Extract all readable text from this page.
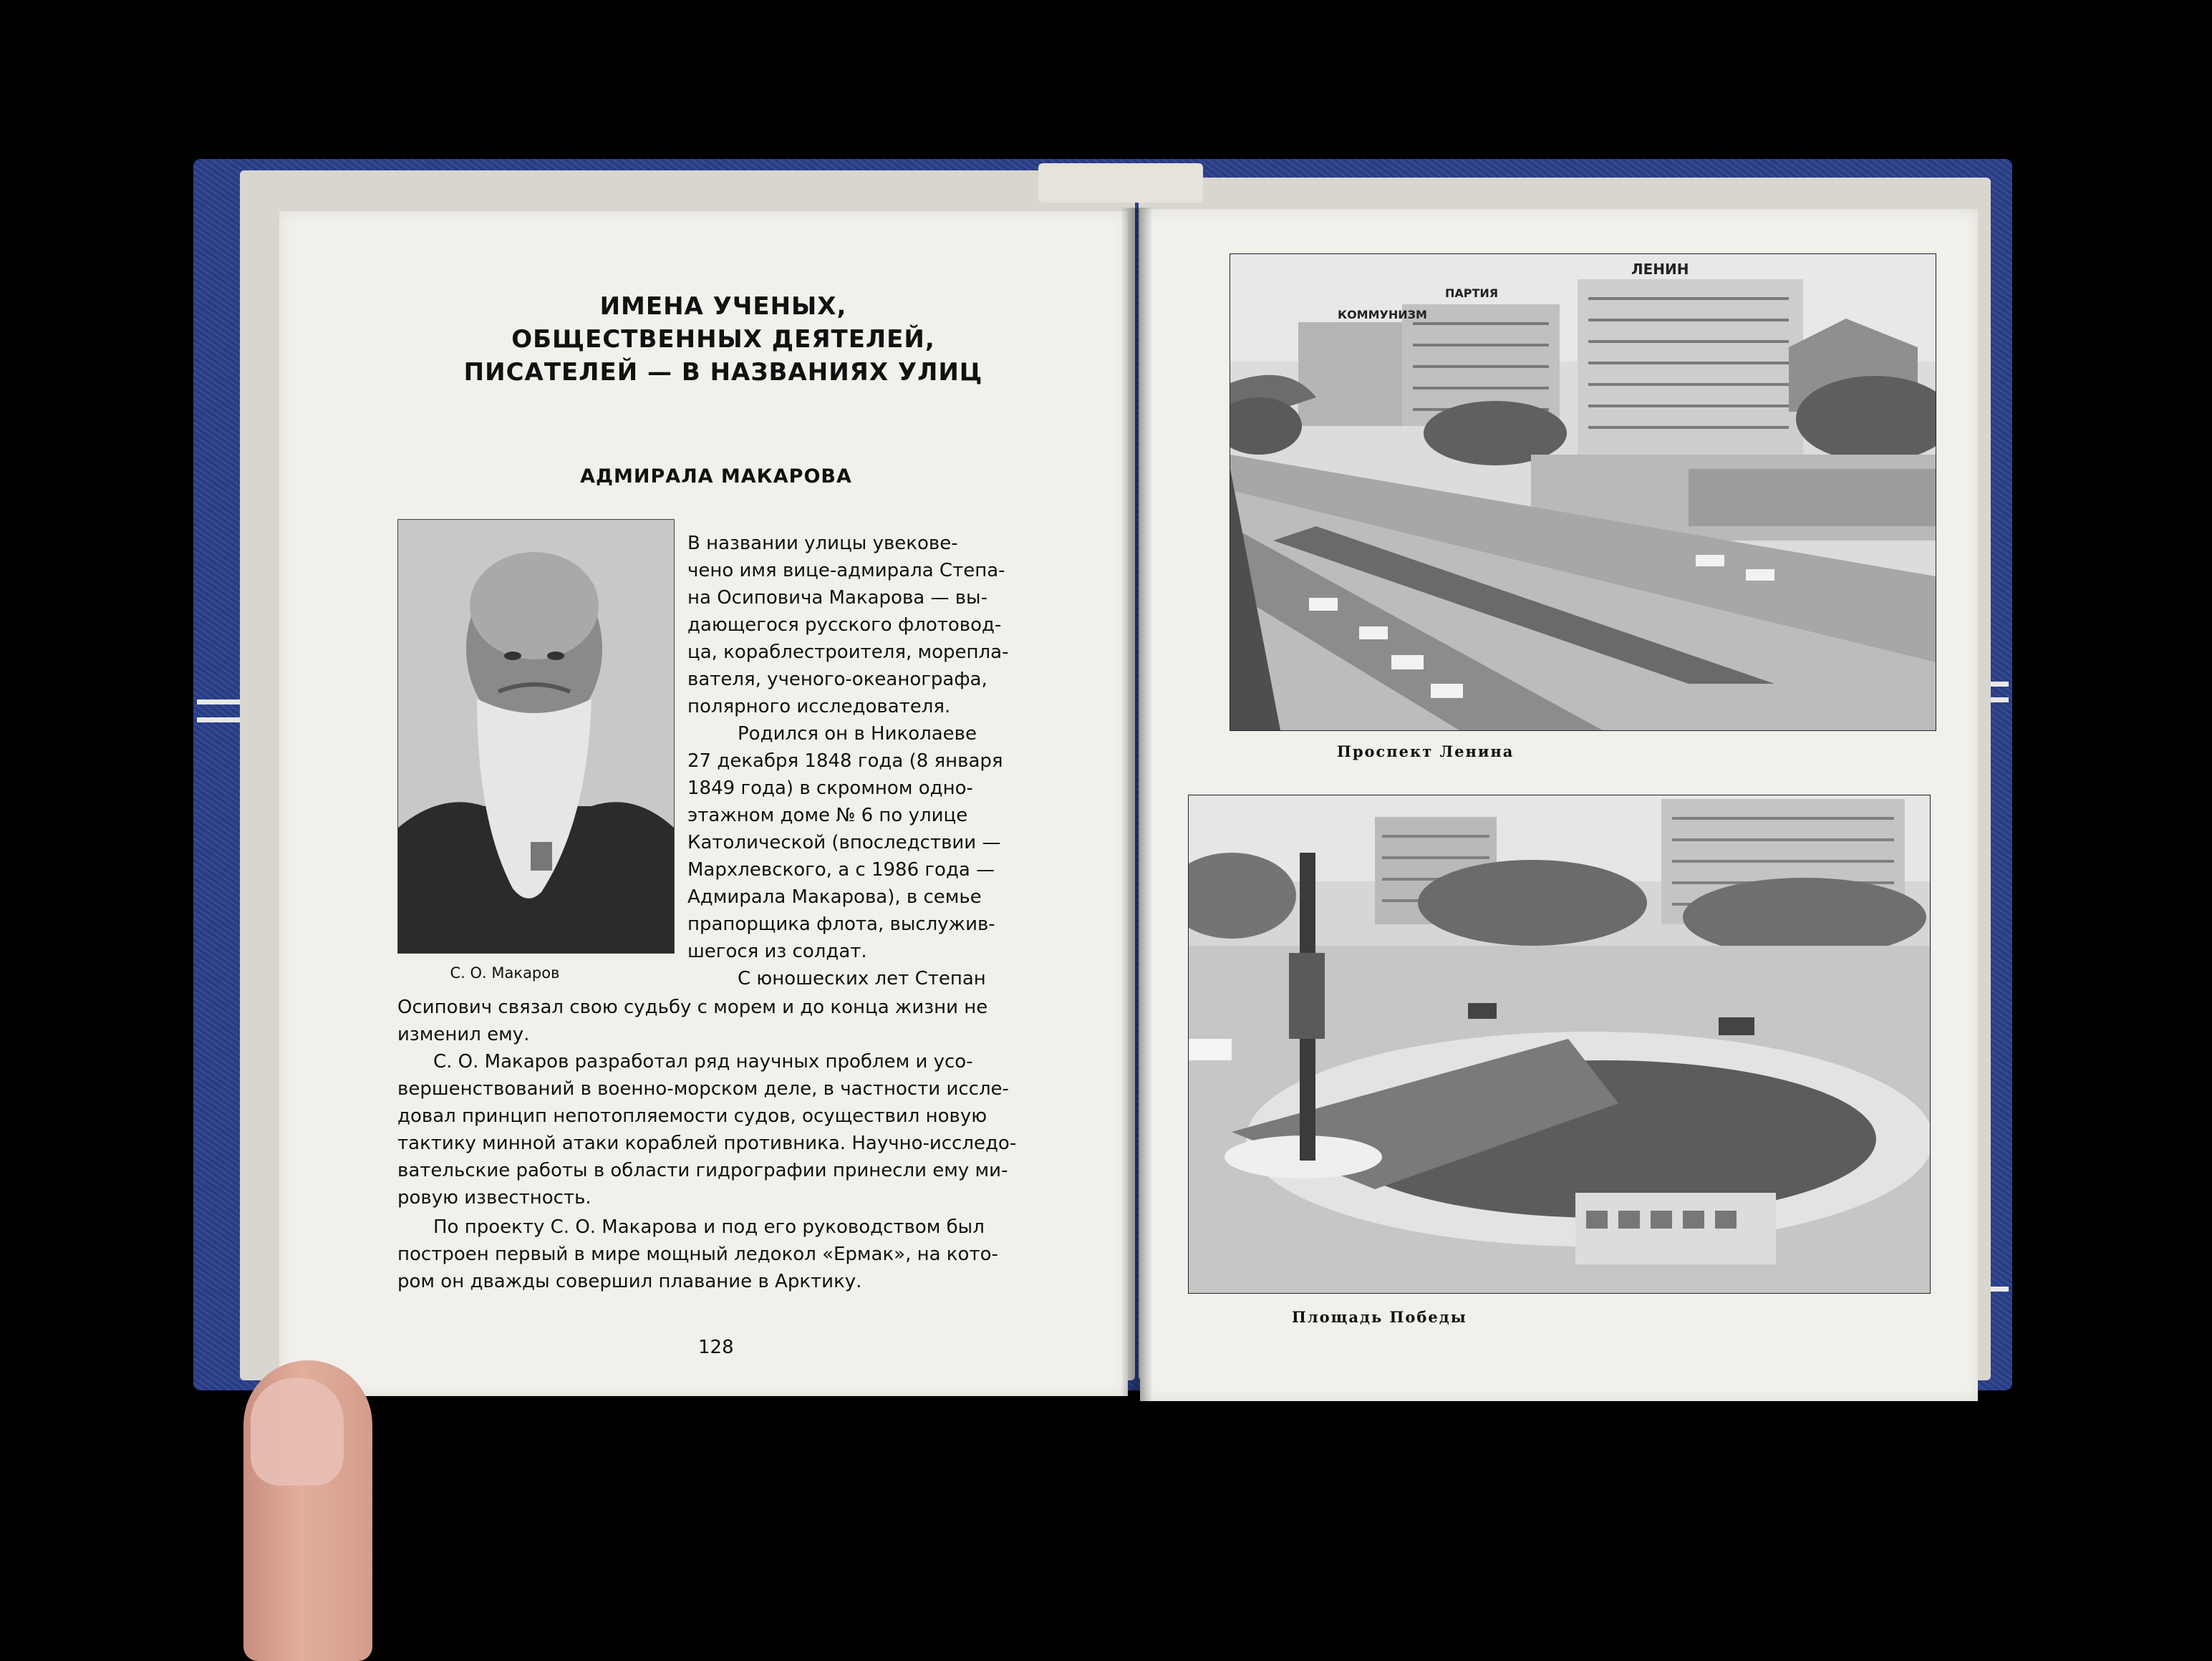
ИМЕНА УЧЕНЫХ,
ОБЩЕСТВЕННЫХ ДЕЯТЕЛЕЙ,
ПИСАТЕЛЕЙ — В НАЗВАНИЯХ УЛИЦ
АДМИРАЛА МАКАРОВА
С. О. Макаров
В названии улицы увекове-
чено имя вице-адмирала Степа-
на Осиповича Макарова — вы-
дающегося русского флотовод-
ца, кораблестроителя, морепла-
вателя, ученого-океанографа,
полярного исследователя.
Родился он в Николаеве
27 декабря 1848 года (8 января
1849 года) в скромном одно-
этажном доме № 6 по улице
Католической (впоследствии —
Мархлевского, а с 1986 года —
Адмирала Макарова), в семье
прапорщика флота, выслужив-
шегося из солдат.
С юношеских лет Степан
Осипович связал свою судьбу с морем и до конца жизни не
изменил ему.
С. О. Макаров разработал ряд научных проблем и усо-
вершенствований в военно-морском деле, в частности иссле-
довал принцип непотопляемости судов, осуществил новую
тактику минной атаки кораблей противника. Научно-исследо-
вательские работы в области гидрографии принесли ему ми-
ровую известность.
По проекту С. О. Макарова и под его руководством был
построен первый в мире мощный ледокол «Ермак», на кото-
ром он дважды совершил плавание в Арктику.
128
ЛЕНИН
ПАРТИЯ
КОММУНИЗМ
Проспект Ленина
Площадь Победы
